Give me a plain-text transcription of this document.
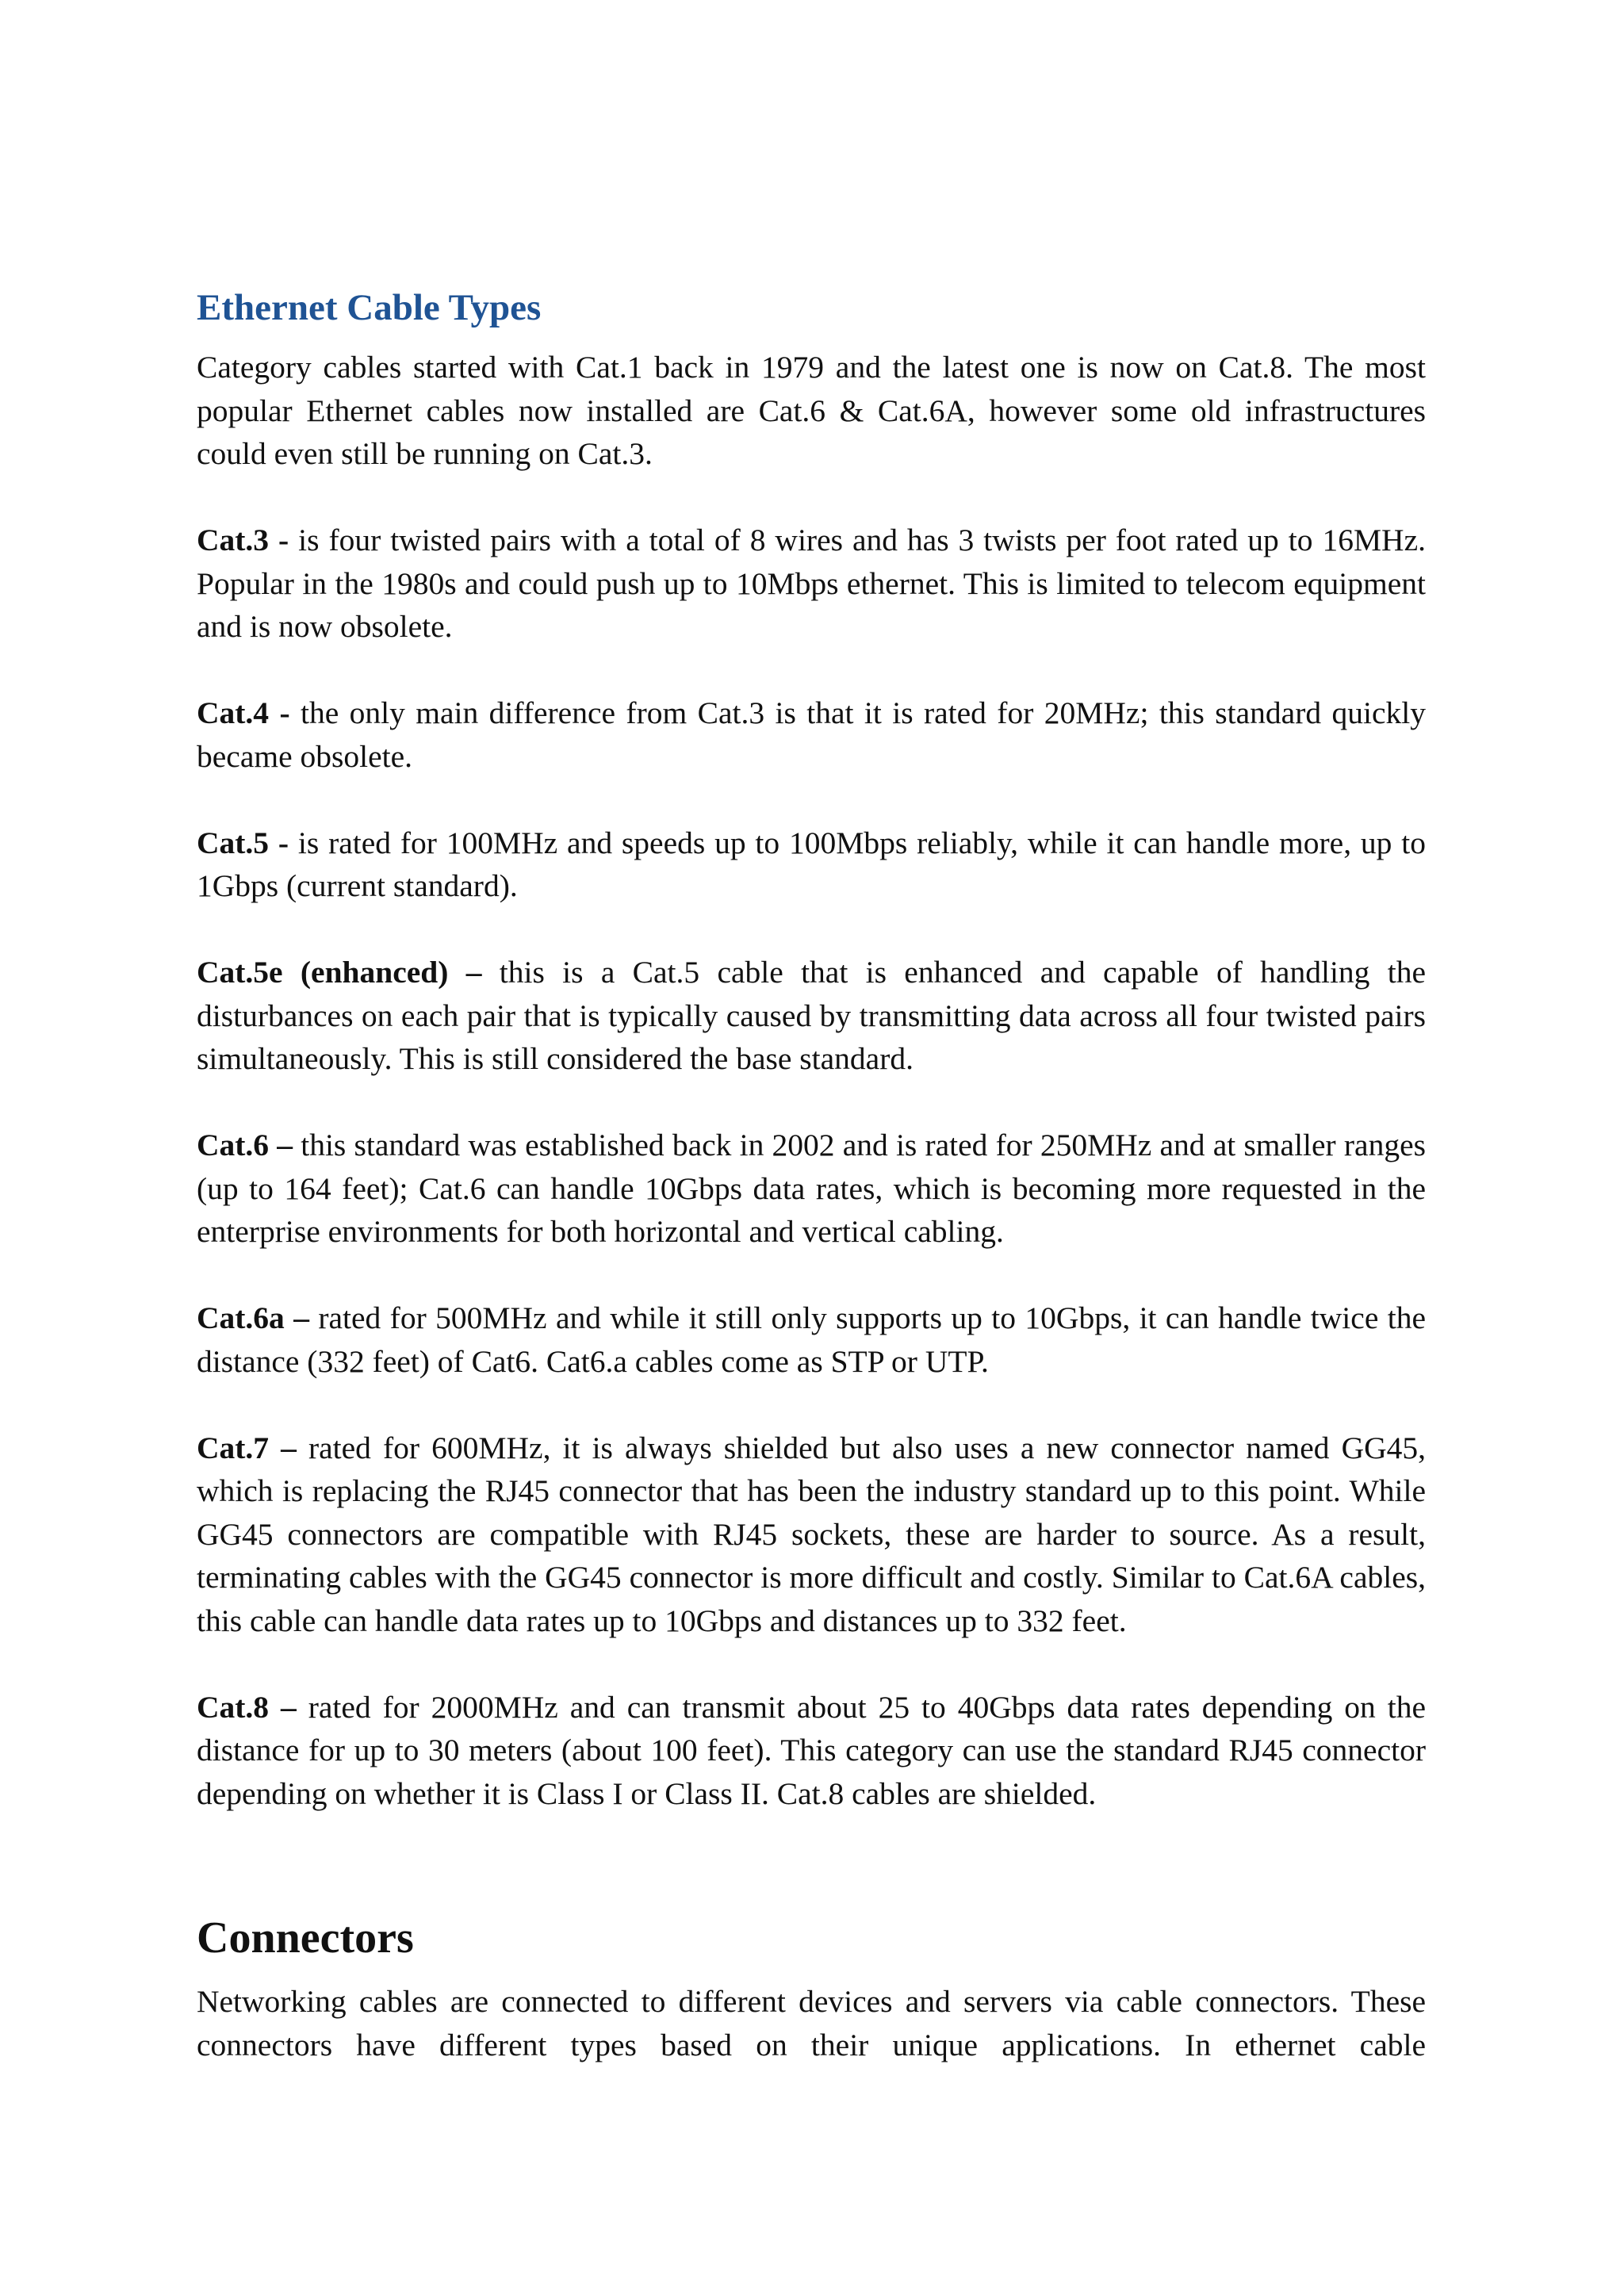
Ethernet Cable Types

Category cables started with Cat.1 back in 1979 and the latest one is now on Cat.8. The most popular Ethernet cables now installed are Cat.6 & Cat.6A, however some old infrastructures could even still be running on Cat.3.

Cat.3 - is four twisted pairs with a total of 8 wires and has 3 twists per foot rated up to 16MHz. Popular in the 1980s and could push up to 10Mbps ethernet. This is limited to telecom equipment and is now obsolete.

Cat.4 - the only main difference from Cat.3 is that it is rated for 20MHz; this standard quickly became obsolete.

Cat.5 - is rated for 100MHz and speeds up to 100Mbps reliably, while it can handle more, up to 1Gbps (current standard).

Cat.5e (enhanced) – this is a Cat.5 cable that is enhanced and capable of handling the disturbances on each pair that is typically caused by transmitting data across all four twisted pairs simultaneously. This is still considered the base standard.

Cat.6 – this standard was established back in 2002 and is rated for 250MHz and at smaller ranges (up to 164 feet); Cat.6 can handle 10Gbps data rates, which is becoming more requested in the enterprise environments for both horizontal and vertical cabling.

Cat.6a – rated for 500MHz and while it still only supports up to 10Gbps, it can handle twice the distance (332 feet) of Cat6. Cat6.a cables come as STP or UTP.

Cat.7 – rated for 600MHz, it is always shielded but also uses a new connector named GG45, which is replacing the RJ45 connector that has been the industry standard up to this point. While GG45 connectors are compatible with RJ45 sockets, these are harder to source. As a result, terminating cables with the GG45 connector is more difficult and costly. Similar to Cat.6A cables, this cable can handle data rates up to 10Gbps and distances up to 332 feet.

Cat.8 – rated for 2000MHz and can transmit about 25 to 40Gbps data rates depending on the distance for up to 30 meters (about 100 feet). This category can use the standard RJ45 connector depending on whether it is Class I or Class II. Cat.8 cables are shielded.

Connectors

Networking cables are connected to different devices and servers via cable connectors. These connectors have different types based on their unique applications. In ethernet cable
